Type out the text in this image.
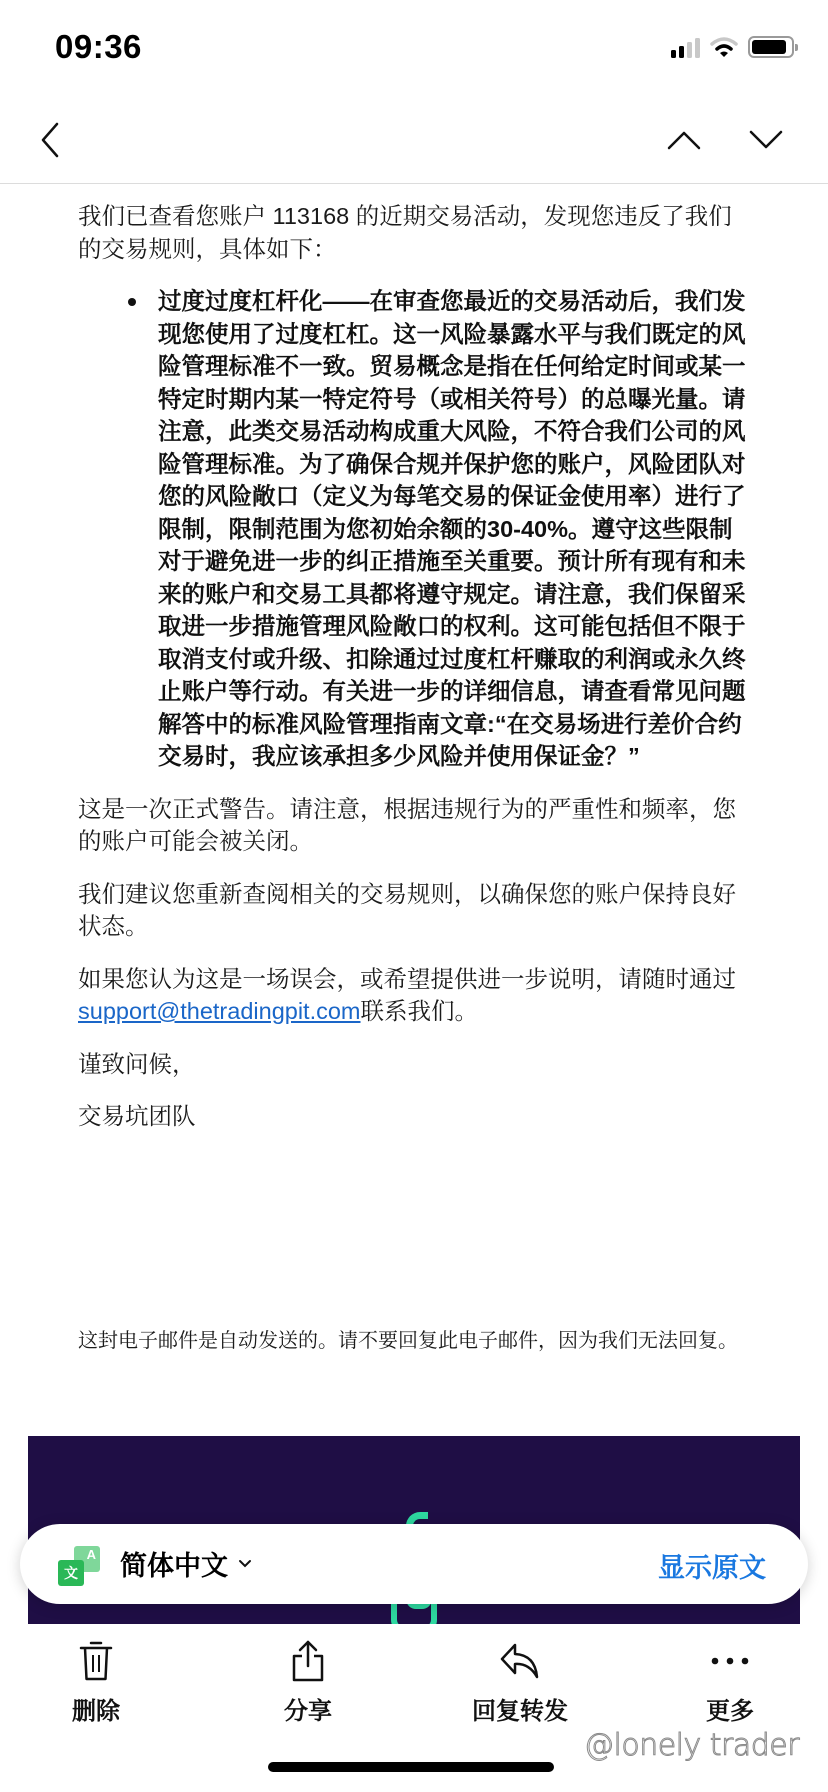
09:36

我们已查看您账户 113168 的近期交易活动，发现您违反了我们的交易规则，具体如下：

过度过度杠杆化——在审查您最近的交易活动后，我们发现您使用了过度杠杠。这一风险暴露水平与我们既定的风险管理标准不一致。贸易概念是指在任何给定时间或某一特定时期内某一特定符号（或相关符号）的总曝光量。请注意，此类交易活动构成重大风险，不符合我们公司的风险管理标准。为了确保合规并保护您的账户，风险团队对您的风险敞口（定义为每笔交易的保证金使用率）进行了限制，限制范围为您初始余额的30-40%。遵守这些限制对于避免进一步的纠正措施至关重要。预计所有现有和未来的账户和交易工具都将遵守规定。请注意，我们保留采取进一步措施管理风险敞口的权利。这可能包括但不限于取消支付或升级、扣除通过过度杠杆赚取的利润或永久终止账户等行动。有关进一步的详细信息，请查看常见问题解答中的标准风险管理指南文章:“在交易场进行差价合约交易时，我应该承担多少风险并使用保证金？”

这是一次正式警告。请注意，根据违规行为的严重性和频率，您的账户可能会被关闭。

我们建议您重新查阅相关的交易规则，以确保您的账户保持良好状态。

如果您认为这是一场误会，或希望提供进一步说明，请随时通过support@thetradingpit.com联系我们。

谨致问候，

交易坑团队

这封电子邮件是自动发送的。请不要回复此电子邮件，因为我们无法回复。
A
文 简体中文	显示原文
删除	分享	回复转发	更多
@lonely trader
